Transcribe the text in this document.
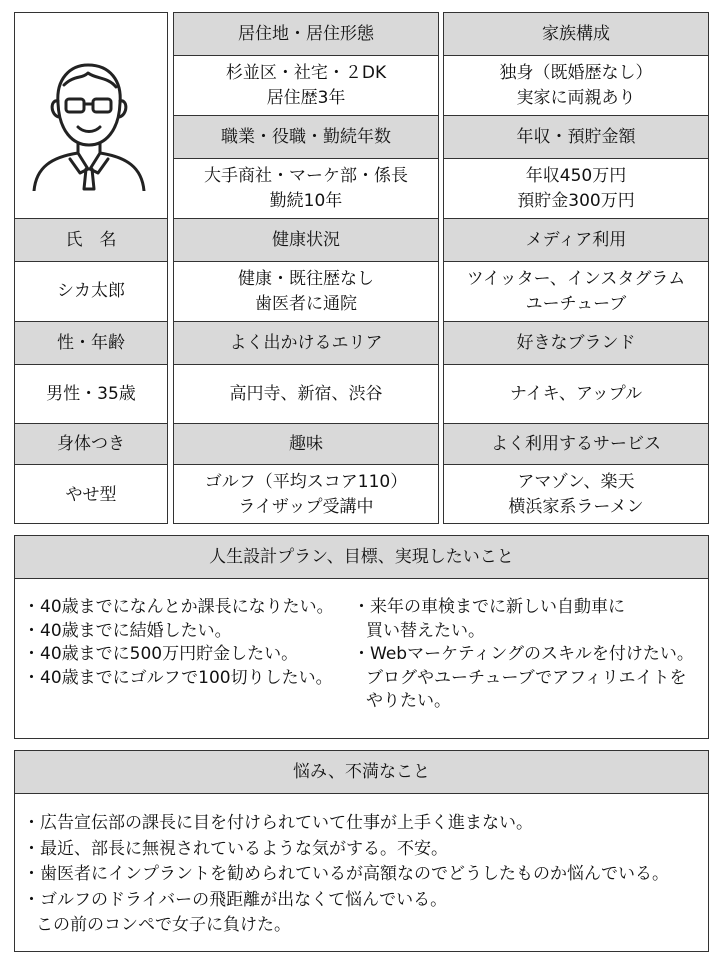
氏　名
シカ太郎
性・年齢
男性・35歳
身体つき
やせ型
居住地・居住形態
杉並区・社宅・２DK
居住歴3年
職業・役職・勤続年数
大手商社・マーケ部・係長
勤続10年
健康状況
健康・既往歴なし
歯医者に通院
よく出かけるエリア
高円寺、新宿、渋谷
趣味
ゴルフ（平均スコア110）
ライザップ受講中
家族構成
独身（既婚歴なし）
実家に両親あり
年収・預貯金額
年収450万円
預貯金300万円
メディア利用
ツイッター、インスタグラム
ユーチューブ
好きなブランド
ナイキ、アップル
よく利用するサービス
アマゾン、楽天
横浜家系ラーメン
人生設計プラン、目標、実現したいこと
・40歳までになんとか課長になりたい。
・40歳までに結婚したい。
・40歳までに500万円貯金したい。
・40歳までにゴルフで100切りしたい。
・来年の車検までに新しい自動車に
買い替えたい。
・Webマーケティングのスキルを付けたい。
ブログやユーチューブでアフィリエイトを
やりたい。
悩み、不満なこと
・広告宣伝部の課長に目を付けられていて仕事が上手く進まない。
・最近、部長に無視されているような気がする。不安。
・歯医者にインプラントを勧められているが高額なのでどうしたものか悩んでいる。
・ゴルフのドライバーの飛距離が出なくて悩んでいる。
この前のコンペで女子に負けた。
